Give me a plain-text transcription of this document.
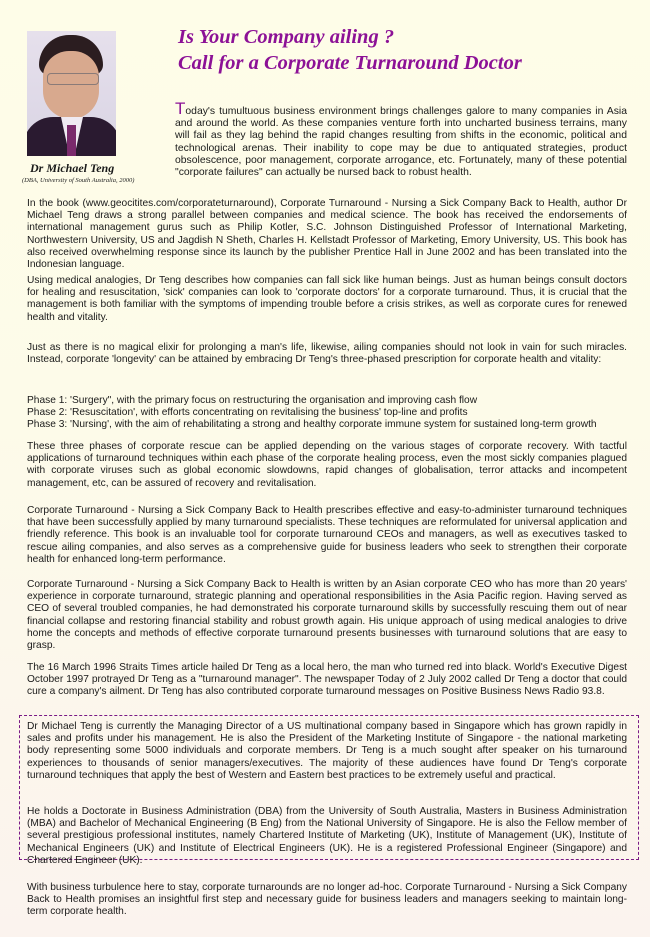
Dr Michael Teng
(DBA, University of South Australia, 2000)
Is Your Company ailing ?
Call for a Corporate Turnaround Doctor
Today's tumultuous business environment brings challenges galore to many companies in Asia and around the world. As these companies venture forth into uncharted business terrains, many will fail as they lag behind the rapid changes resulting from shifts in the economic, political and technological arenas. Their inability to cope may be due to antiquated strategies, product obsolescence, poor management, corporate arrogance, etc. Fortunately, many of these potential "corporate failures" can actually be nursed back to robust health.
In the book (www.geocitites.com/corporateturnaround), Corporate Turnaround - Nursing a Sick Company Back to Health, author Dr Michael Teng draws a strong parallel between companies and medical science. The book has received the endorsements of international management gurus such as Philip Kotler, S.C. Johnson Distinguished Professor of International Marketing, Northwestern University, US and Jagdish N Sheth, Charles H. Kellstadt Professor of Marketing, Emory University, US. This book has also received overwhelming response since its launch by the publisher Prentice Hall in June 2002 and has been translated into the Indonesian language.
Using medical analogies, Dr Teng describes how companies can fall sick like human beings. Just as human beings consult doctors for healing and resuscitation, 'sick' companies can look to 'corporate doctors' for a corporate turnaround. Thus, it is crucial that the management is both familiar with the symptoms of impending trouble before a crisis strikes, as well as corporate cures for renewed health and vitality.
Just as there is no magical elixir for prolonging a man's life, likewise, ailing companies should not look in vain for such miracles. Instead, corporate 'longevity' can be attained by embracing Dr Teng's three-phased prescription for corporate health and vitality:
Phase 1: 'Surgery", with the primary focus on restructuring the organisation and improving cash flow
Phase 2: 'Resuscitation', with efforts concentrating on revitalising the business' top-line and profits
Phase 3: 'Nursing', with the aim of rehabilitating a strong and healthy corporate immune system for sustained long-term growth
These three phases of corporate rescue can be applied depending on the various stages of corporate recovery. With tactful applications of turnaround techniques within each phase of the corporate healing process, even the most sickly companies plagued with corporate viruses such as global economic slowdowns, rapid changes of globalisation, terror attacks and incompetent management, etc, can be assured of recovery and revitalisation.
Corporate Turnaround - Nursing a Sick Company Back to Health prescribes effective and easy-to-administer turnaround techniques that have been successfully applied by many turnaround specialists. These techniques are reformulated for universal application and friendly reference. This book is an invaluable tool for corporate turnaround CEOs and managers, as well as executives tasked to rescue ailing companies, and also serves as a comprehensive guide for business leaders who seek to strengthen their corporate health for enhanced long-term performance.
Corporate Turnaround - Nursing a Sick Company Back to Health is written by an Asian corporate CEO who has more than 20 years' experience in corporate turnaround, strategic planning and operational responsibilities in the Asia Pacific region. Having served as CEO of several troubled companies, he had demonstrated his corporate turnaround skills by successfully rescuing them out of near financial collapse and restoring financial stability and robust growth again. His unique approach of using medical analogies to drive home the concepts and methods of effective corporate turnaround presents businesses with turnaround solutions that are easy to grasp.
The 16 March 1996 Straits Times article hailed Dr Teng as a local hero, the man who turned red into black. World's Executive Digest October 1997 protrayed Dr Teng as a "turnaround manager". The newspaper Today of 2 July 2002 called Dr Teng a doctor that could cure a company's ailment. Dr Teng has also contributed corporate turnaround messages on Positive Business News Radio 93.8.
Dr Michael Teng is currently the Managing Director of a US multinational company based in Singapore which has grown rapidly in sales and profits under his management. He is also the President of the Marketing Institute of Singapore - the national marketing body representing some 5000 individuals and corporate members. Dr Teng is a much sought after speaker on his turnaround experiences to thousands of senior managers/executives. The majority of these audiences have found Dr Teng's corporate turnaround techniques that apply the best of Western and Eastern best practices to be extremely useful and practical.
He holds a Doctorate in Business Administration (DBA) from the University of South Australia, Masters in Business Administration (MBA) and Bachelor of Mechanical Engineering (B Eng) from the National University of Singapore. He is also the Fellow member of several prestigious professional institutes, namely Chartered Institute of Marketing (UK), Institute of Management (UK), Institute of Mechanical Engineers (UK) and Institute of Electrical Engineers (UK). He is a registered Professional Engineer (Singapore) and Chartered Engineer (UK).
With business turbulence here to stay, corporate turnarounds are no longer ad-hoc. Corporate Turnaround - Nursing a Sick Company Back to Health promises an insightful first step and necessary guide for business leaders and managers seeking to maintain long-term corporate health.
